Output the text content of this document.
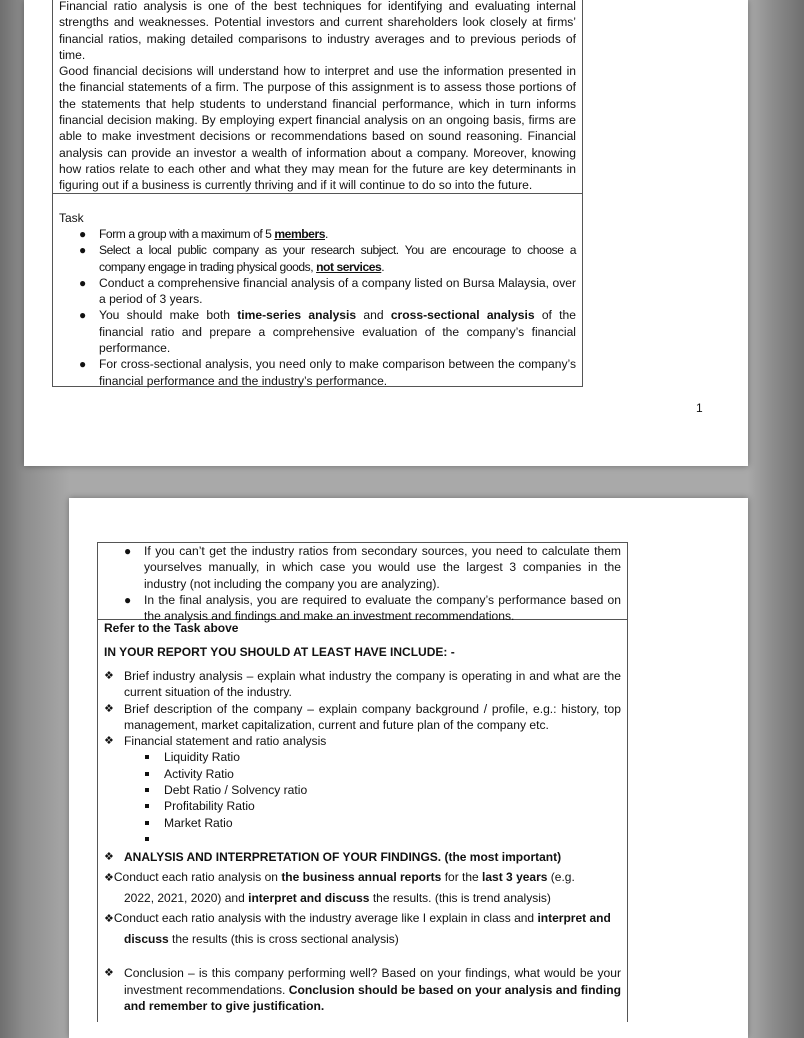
Financial ratio analysis is one of the best techniques for identifying and evaluating internal strengths and weaknesses. Potential investors and current shareholders look closely at firms’ financial ratios, making detailed comparisons to industry averages and to previous periods of time.

Good financial decisions will understand how to interpret and use the information presented in the financial statements of a firm. The purpose of this assignment is to assess those portions of the statements that help students to understand financial performance, which in turn informs financial decision making. By employing expert financial analysis on an ongoing basis, firms are able to make investment decisions or recommendations based on sound reasoning. Financial analysis can provide an investor a wealth of information about a company. Moreover, knowing how ratios relate to each other and what they may mean for the future are key determinants in figuring out if a business is currently thriving and if it will continue to do so into the future.

Task

● Form a group with a maximum of 5 members.
● Select a local public company as your research subject. You are encourage to choose a company engage in trading physical goods, not services.
● Conduct a comprehensive financial analysis of a company listed on Bursa Malaysia, over a period of 3 years.
● You should make both time-series analysis and cross-sectional analysis of the financial ratio and prepare a comprehensive evaluation of the company’s financial performance.
● For cross-sectional analysis, you need only to make comparison between the company’s financial performance and the industry’s performance.
1
● If you can’t get the industry ratios from secondary sources, you need to calculate them yourselves manually, in which case you would use the largest 3 companies in the industry (not including the company you are analyzing).
● In the final analysis, you are required to evaluate the company’s performance based on the analysis and findings and make an investment recommendations.

Refer to the Task above

IN YOUR REPORT YOU SHOULD AT LEAST HAVE INCLUDE: -

❖ Brief industry analysis – explain what industry the company is operating in and what are the current situation of the industry.
❖ Brief description of the company – explain company background / profile, e.g.: history, top management, market capitalization, current and future plan of the company etc.
❖ Financial statement and ratio analysis
Liquidity Ratio
Activity Ratio
Debt Ratio / Solvency ratio
Profitability Ratio
Market Ratio

❖ ANALYSIS AND INTERPRETATION OF YOUR FINDINGS. (the most important)

❖Conduct each ratio analysis on the business annual reports for the last 3 years (e.g.
2022, 2021, 2020) and interpret and discuss the results. (this is trend analysis)

❖Conduct each ratio analysis with the industry average like I explain in class and interpret and
discuss the results (this is cross sectional analysis)

❖ Conclusion – is this company performing well? Based on your findings, what would be your investment recommendations. Conclusion should be based on your analysis and finding and remember to give justification.
